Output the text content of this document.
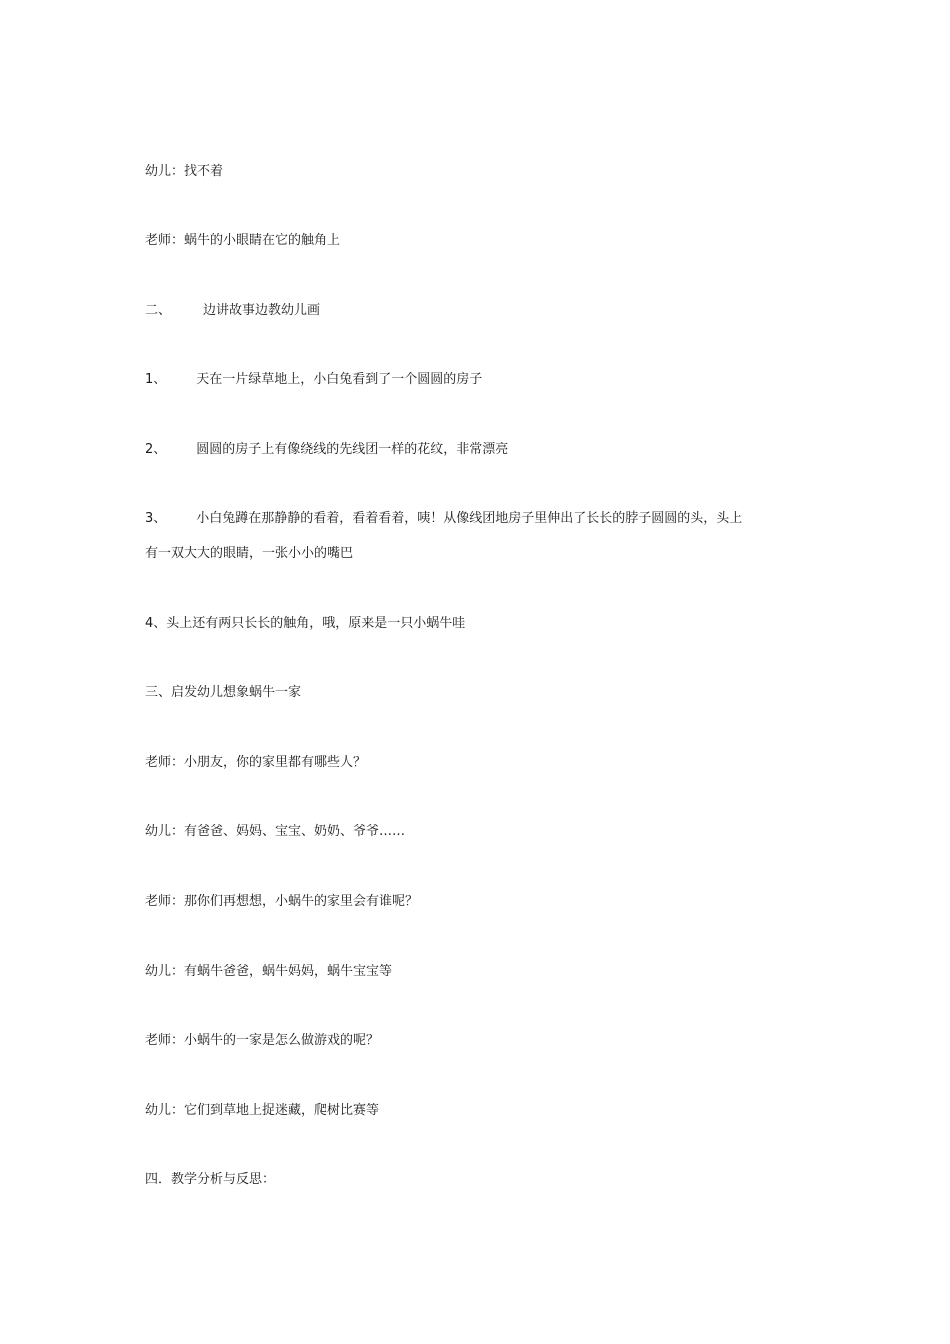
幼儿：找不着
老师：蜗牛的小眼睛在它的触角上
二、 边讲故事边教幼儿画
1、 天在一片绿草地上，小白兔看到了一个圆圆的房子
2、 圆圆的房子上有像绕线的先线团一样的花纹，非常漂亮
3、 小白兔蹲在那静静的看着，看着看着，咦！从像线团地房子里伸出了长长的脖子圆圆的头，头上
有一双大大的眼睛，一张小小的嘴巴
4、头上还有两只长长的触角，哦，原来是一只小蜗牛哇
三、启发幼儿想象蜗牛一家
老师：小朋友，你的家里都有哪些人？
幼儿：有爸爸、妈妈、宝宝、奶奶、爷爷……
老师：那你们再想想，小蜗牛的家里会有谁呢？
幼儿：有蜗牛爸爸，蜗牛妈妈，蜗牛宝宝等
老师：小蜗牛的一家是怎么做游戏的呢？
幼儿：它们到草地上捉迷藏，爬树比赛等
四．教学分析与反思：
